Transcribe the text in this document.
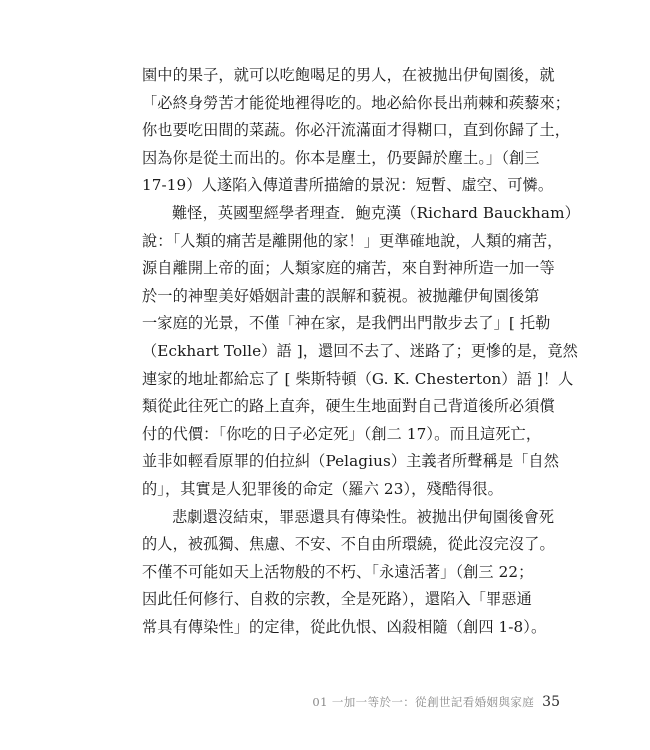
園中的果子，就可以吃飽喝足的男人，在被拋出伊甸園後，就
「必終身勞苦才能從地裡得吃的。地必給你長出荊棘和蒺藜來；
你也要吃田間的菜蔬。你必汗流滿面才得糊口，直到你歸了土，
因為你是從土而出的。你本是塵土，仍要歸於塵土。」（創三
17-19）人遂陷入傳道書所描繪的景況：短暫、虛空、可憐。
難怪，英國聖經學者理查．鮑克漢（Richard Bauckham）
說：「人類的痛苦是離開他的家！」更準確地說，人類的痛苦，
源自離開上帝的面；人類家庭的痛苦，來自對神所造一加一等
於一的神聖美好婚姻計畫的誤解和藐視。被拋離伊甸園後第
一家庭的光景，不僅「神在家，是我們出門散步去了」[ 托勒
（Eckhart Tolle）語 ]，還回不去了、迷路了；更慘的是，竟然
連家的地址都給忘了 [ 柴斯特頓（G. K. Chesterton）語 ]！人
類從此往死亡的路上直奔，硬生生地面對自己背道後所必須償
付的代價：「你吃的日子必定死」（創二 17）。而且這死亡，
並非如輕看原罪的伯拉糾（Pelagius）主義者所聲稱是「自然
的」，其實是人犯罪後的命定（羅六 23），殘酷得很。
悲劇還沒結束，罪惡還具有傳染性。被拋出伊甸園後會死
的人，被孤獨、焦慮、不安、不自由所環繞，從此沒完沒了。
不僅不可能如天上活物般的不朽、「永遠活著」（創三 22；
因此任何修行、自救的宗教，全是死路），還陷入「罪惡通
常具有傳染性」的定律，從此仇恨、凶殺相隨（創四 1-8）。
01 一加一等於一：從創世記看婚姻與家庭 35
